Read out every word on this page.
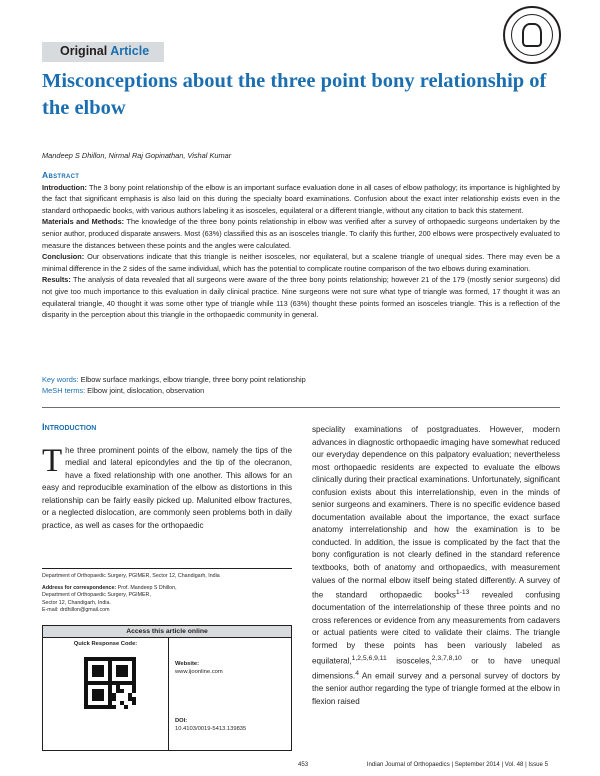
Original Article
Misconceptions about the three point bony relationship of the elbow
Mandeep S Dhillon, Nirmal Raj Gopinathan, Vishal Kumar
Abstract

Introduction: The 3 bony point relationship of the elbow is an important surface evaluation done in all cases of elbow pathology; its importance is highlighted by the fact that significant emphasis is also laid on this during the specialty board examinations. Confusion about the exact inter relationship exists even in the standard orthopaedic books, with various authors labeling it as isosceles, equilateral or a different triangle, without any citation to back this statement.

Materials and Methods: The knowledge of the three bony points relationship in elbow was verified after a survey of orthopaedic surgeons undertaken by the senior author, produced disparate answers. Most (63%) classified this as an isosceles triangle. To clarify this further, 200 elbows were prospectively evaluated to measure the distances between these points and the angles were calculated.

Conclusion: Our observations indicate that this triangle is neither isosceles, nor equilateral, but a scalene triangle of unequal sides. There may even be a minimal difference in the 2 sides of the same individual, which has the potential to complicate routine comparison of the two elbows during examination.

Results: The analysis of data revealed that all surgeons were aware of the three bony points relationship; however 21 of the 179 (mostly senior surgeons) did not give too much importance to this evaluation in daily clinical practice. Nine surgeons were not sure what type of triangle was formed, 17 thought it was an equilateral triangle, 40 thought it was some other type of triangle while 113 (63%) thought these points formed an isosceles triangle. This is a reflection of the disparity in the perception about this triangle in the orthopaedic community in general.

Key words: Elbow surface markings, elbow triangle, three bony point relationship
MeSH terms: Elbow joint, dislocation, observation
Introduction

The three prominent points of the elbow, namely the tips of the medial and lateral epicondyles and the tip of the olecranon, have a fixed relationship with one another. This allows for an easy and reproducible examination of the elbow as distortions in this relationship can be fairly easily picked up. Malunited elbow fractures, or a neglected dislocation, are commonly seen problems both in daily practice, as well as cases for the orthopaedic

speciality examinations of postgraduates. However, modern advances in diagnostic orthopaedic imaging have somewhat reduced our everyday dependence on this palpatory evaluation; nevertheless most orthopaedic residents are expected to evaluate the elbows clinically during their practical examinations. Unfortunately, significant confusion exists about this interrelationship, even in the minds of senior surgeons and examiners. There is no specific evidence based documentation available about the importance, the exact surface anatomy interrelationship and how the examination is to be conducted. In addition, the issue is complicated by the fact that the bony configuration is not clearly defined in the standard reference textbooks, both of anatomy and orthopaedics, with measurement values of the normal elbow itself being stated differently. A survey of the standard orthopaedic books$^{1-13}$ revealed confusing documentation of the interrelationship of these three points and no cross references or evidence from any measurements from cadavers or actual patients were cited to validate their claims. The triangle formed by these points has been variously labeled as equilateral,$^{1,2,5,6,9,11}$ isosceles,$^{2,3,7,8,10}$ or to have unequal dimensions.$^4$ An email survey and a personal survey of doctors by the senior author regarding the type of triangle formed at the elbow in flexion raised

Department of Orthopaedic Surgery, PGIMER, Sector 12, Chandigarh, India
Address for correspondence: Prof. Mandeep S Dhillon,
Department of Orthopaedic Surgery, PGIMER,
Sector 12, Chandigarh, India.
E-mail: drdhillon@gmail.com
Access this article online
Quick Response Code:
Website:
www.ijoonline.com
DOI:
10.4103/0019-5413.139835
453	Indian Journal of Orthopaedics | September 2014 | Vol. 48 | Issue 5
